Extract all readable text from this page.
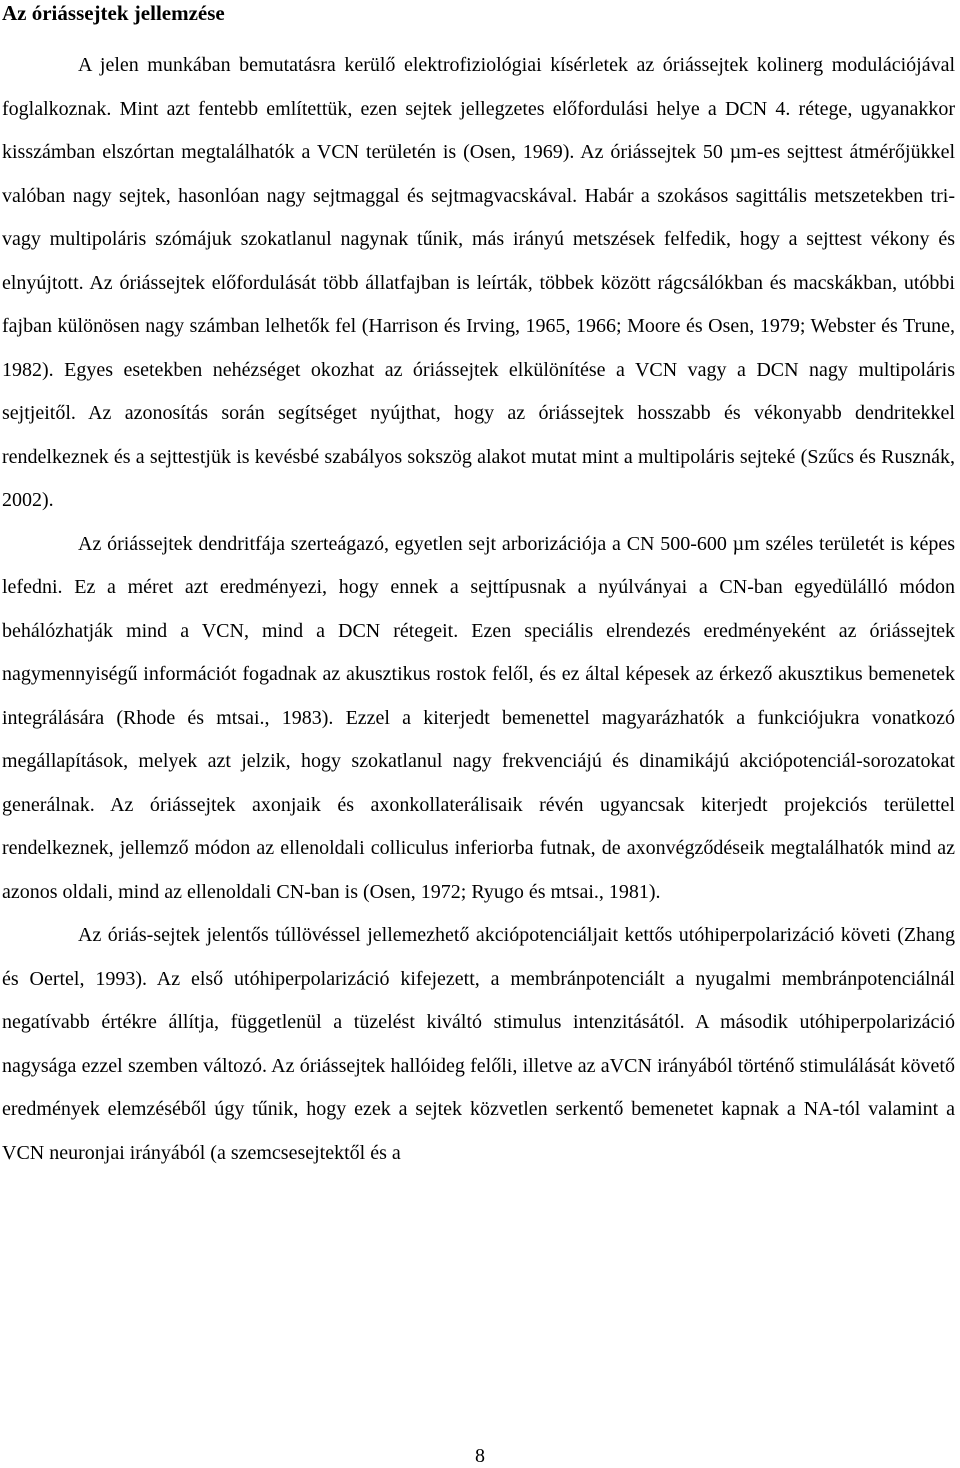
Az óriássejtek jellemzése

A jelen munkában bemutatásra kerülő elektrofiziológiai kísérletek az óriássejtek kolinerg modulációjával foglalkoznak. Mint azt fentebb említettük, ezen sejtek jellegzetes előfordulási helye a DCN 4. rétege, ugyanakkor kisszámban elszórtan megtalálhatók a VCN területén is (Osen, 1969). Az óriássejtek 50 µm-es sejttest átmérőjükkel valóban nagy sejtek, hasonlóan nagy sejtmaggal és sejtmagvacskával. Habár a szokásos sagittális metszetekben tri- vagy multipoláris szómájuk szokatlanul nagynak tűnik, más irányú metszések felfedik, hogy a sejttest vékony és elnyújtott. Az óriássejtek előfordulását több állatfajban is leírták, többek között rágcsálókban és macskákban, utóbbi fajban különösen nagy számban lelhetők fel (Harrison és Irving, 1965, 1966; Moore és Osen, 1979; Webster és Trune, 1982). Egyes esetekben nehézséget okozhat az óriássejtek elkülönítése a VCN vagy a DCN nagy multipoláris sejtjeitől. Az azonosítás során segítséget nyújthat, hogy az óriássejtek hosszabb és vékonyabb dendritekkel rendelkeznek és a sejttestjük is kevésbé szabályos sokszög alakot mutat mint a multipoláris sejteké (Szűcs és Rusznák, 2002).

Az óriássejtek dendritfája szerteágazó, egyetlen sejt arborizációja a CN 500-600 µm széles területét is képes lefedni. Ez a méret azt eredményezi, hogy ennek a sejttípusnak a nyúlványai a CN-ban egyedülálló módon behálózhatják mind a VCN, mind a DCN rétegeit. Ezen speciális elrendezés eredményeként az óriássejtek nagymennyiségű információt fogadnak az akusztikus rostok felől, és ez által képesek az érkező akusztikus bemenetek integrálására (Rhode és mtsai., 1983). Ezzel a kiterjedt bemenettel magyarázhatók a funkciójukra vonatkozó megállapítások, melyek azt jelzik, hogy szokatlanul nagy frekvenciájú és dinamikájú akciópotenciál-sorozatokat generálnak. Az óriássejtek axonjaik és axonkollaterálisaik révén ugyancsak kiterjedt projekciós területtel rendelkeznek, jellemző módon az ellenoldali colliculus inferiorba futnak, de axonvégződéseik megtalálhatók mind az azonos oldali, mind az ellenoldali CN-ban is (Osen, 1972; Ryugo és mtsai., 1981).

Az óriás-sejtek jelentős túllövéssel jellemezhető akciópotenciáljait kettős utóhiperpolarizáció követi (Zhang és Oertel, 1993). Az első utóhiperpolarizáció kifejezett, a membránpotenciált a nyugalmi membránpotenciálnál negatívabb értékre állítja, függetlenül a tüzelést kiváltó stimulus intenzitásától. A második utóhiperpolarizáció nagysága ezzel szemben változó. Az óriássejtek hallóideg felőli, illetve az aVCN irányából történő stimulálását követő eredmények elemzéséből úgy tűnik, hogy ezek a sejtek közvetlen serkentő bemenetet kapnak a NA-tól valamint a VCN neuronjai irányából (a szemcsesejtektől és a

8
